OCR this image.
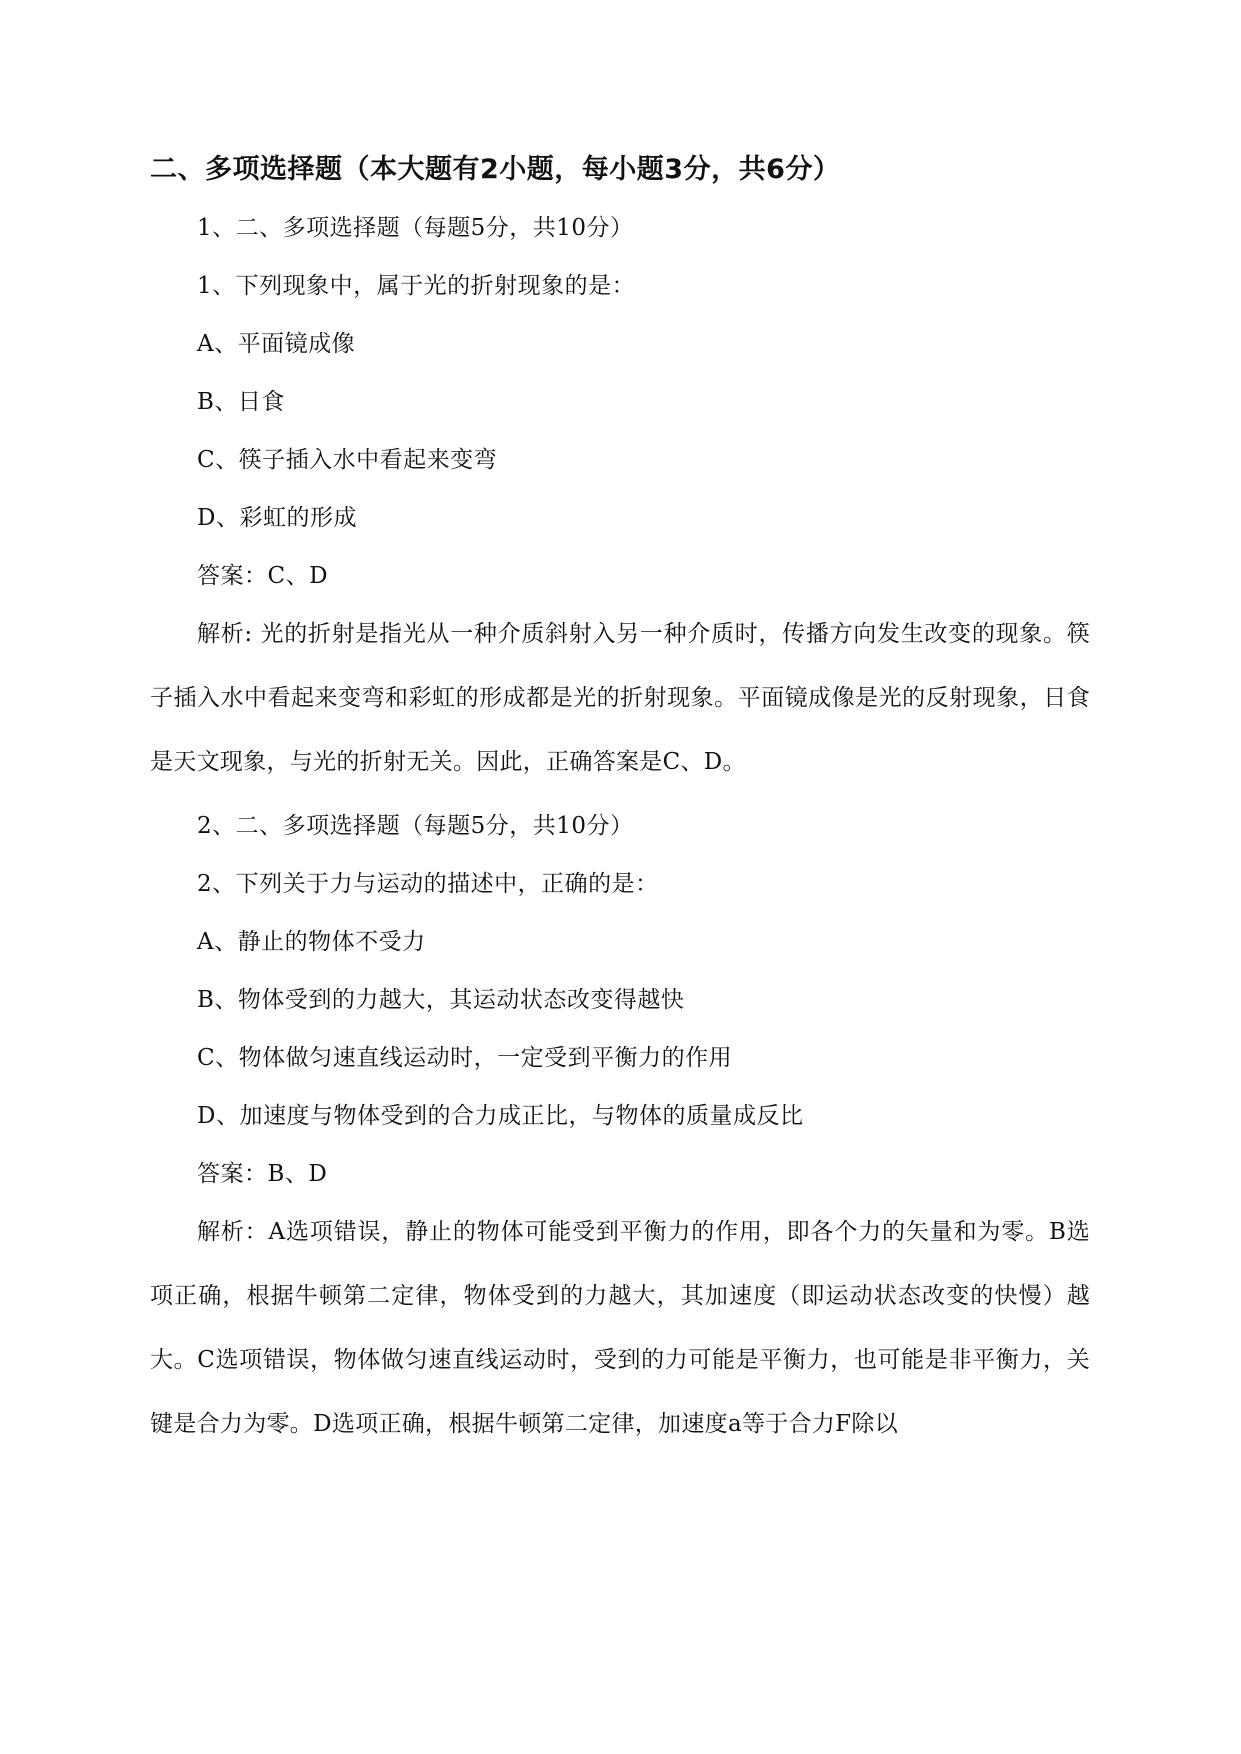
二、多项选择题（本大题有2小题，每小题3分，共6分）
1、二、多项选择题（每题5分，共10分）
1、下列现象中，属于光的折射现象的是：
A、平面镜成像
B、日食
C、筷子插入水中看起来变弯
D、彩虹的形成
答案：C、D

解析: 光的折射是指光从一种介质斜射入另一种介质时，传播方向发生改变的现象。筷子插入水中看起来变弯和彩虹的形成都是光的折射现象。平面镜成像是光的反射现象，日食是天文现象，与光的折射无关。因此，正确答案是C、D。

2、二、多项选择题（每题5分，共10分）
2、下列关于力与运动的描述中，正确的是：
A、静止的物体不受力
B、物体受到的力越大，其运动状态改变得越快
C、物体做匀速直线运动时，一定受到平衡力的作用
D、加速度与物体受到的合力成正比，与物体的质量成反比
答案：B、D

解析：A选项错误，静止的物体可能受到平衡力的作用，即各个力的矢量和为零。B选项正确，根据牛顿第二定律，物体受到的力越大，其加速度（即运动状态改变的快慢）越大。C选项错误，物体做匀速直线运动时，受到的力可能是平衡力，也可能是非平衡力，关键是合力为零。D选项正确，根据牛顿第二定律，加速度a等于合力F除以
